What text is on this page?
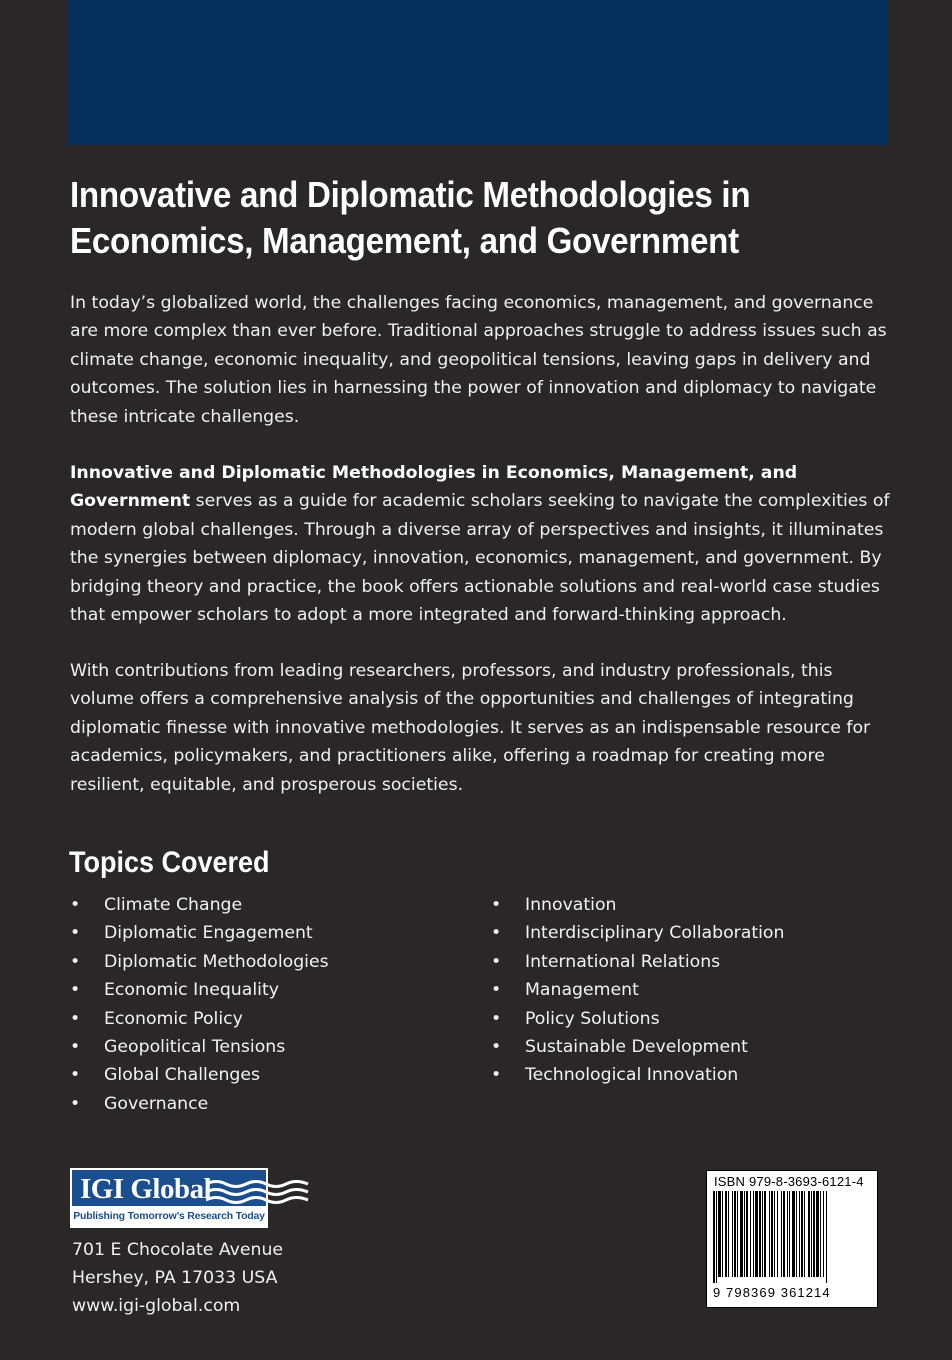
Innovative and Diplomatic Methodologies in Economics, Management, and Government

In today’s globalized world, the challenges facing economics, management, and governance are more complex than ever before. Traditional approaches struggle to address issues such as climate change, economic inequality, and geopolitical tensions, leaving gaps in delivery and outcomes. The solution lies in harnessing the power of innovation and diplomacy to navigate these intricate challenges.

Innovative and Diplomatic Methodologies in Economics, Management, and Government serves as a guide for academic scholars seeking to navigate the complexities of modern global challenges. Through a diverse array of perspectives and insights, it illuminates the synergies between diplomacy, innovation, economics, management, and government. By bridging theory and practice, the book offers actionable solutions and real-world case studies that empower scholars to adopt a more integrated and forward-thinking approach.

With contributions from leading researchers, professors, and industry professionals, this volume offers a comprehensive analysis of the opportunities and challenges of integrating diplomatic finesse with innovative methodologies. It serves as an indispensable resource for academics, policymakers, and practitioners alike, offering a roadmap for creating more resilient, equitable, and prosperous societies.

Topics Covered
• Climate Change
• Diplomatic Engagement
• Diplomatic Methodologies
• Economic Inequality
• Economic Policy
• Geopolitical Tensions
• Global Challenges
• Governance
• Innovation
• Interdisciplinary Collaboration
• International Relations
• Management
• Policy Solutions
• Sustainable Development
• Technological Innovation
IGI Global
Publishing Tomorrow’s Research Today

701 E Chocolate Avenue

Hershey, PA 17033 USA

www.igi-global.com

ISBN 979-8-3693-6121-4
9 798369 361214
